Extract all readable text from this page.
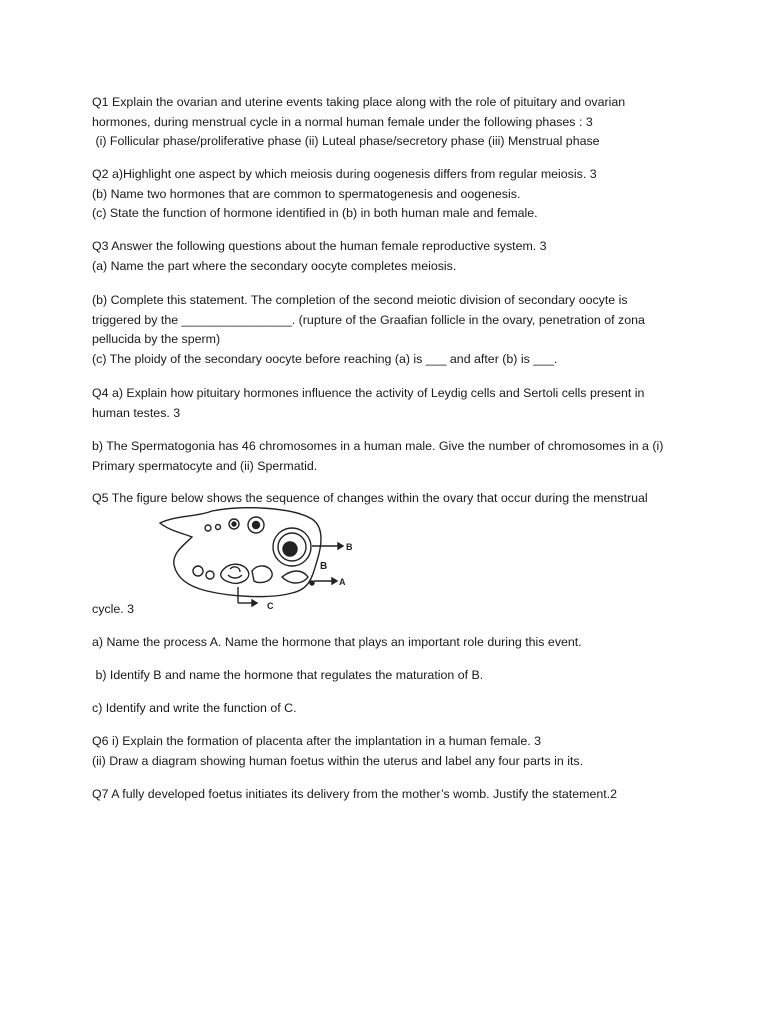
Q1 Explain the ovarian and uterine events taking place along with the role of pituitary and ovarian

hormones, during menstrual cycle in a normal human female under the following phases : 3

(i) Follicular phase/proliferative phase (ii) Luteal phase/secretory phase (iii) Menstrual phase

Q2 a)Highlight one aspect by which meiosis during oogenesis differs from regular meiosis. 3

(b) Name two hormones that are common to spermatogenesis and oogenesis.

(c) State the function of hormone identified in (b) in both human male and female.

Q3 Answer the following questions about the human female reproductive system. 3

(a) Name the part where the secondary oocyte completes meiosis.

(b) Complete this statement. The completion of the second meiotic division of secondary oocyte is

triggered by the ________________. (rupture of the Graafian follicle in the ovary, penetration of zona

pellucida by the sperm)

(c) The ploidy of the secondary oocyte before reaching (a) is ___ and after (b) is ___.

Q4 a) Explain how pituitary hormones influence the activity of Leydig cells and Sertoli cells present in

human testes. 3

b) The Spermatogonia has 46 chromosomes in a human male. Give the number of chromosomes in a (i)

Primary spermatocyte and (ii) Spermatid.

Q5 The figure below shows the sequence of changes within the ovary that occur during the menstrual

B
B
A
C

cycle. 3

a) Name the process A. Name the hormone that plays an important role during this event.

b) Identify B and name the hormone that regulates the maturation of B.

c) Identify and write the function of C.

Q6 i) Explain the formation of placenta after the implantation in a human female. 3

(ii) Draw a diagram showing human foetus within the uterus and label any four parts in its.

Q7 A fully developed foetus initiates its delivery from the mother’s womb. Justify the statement.2
